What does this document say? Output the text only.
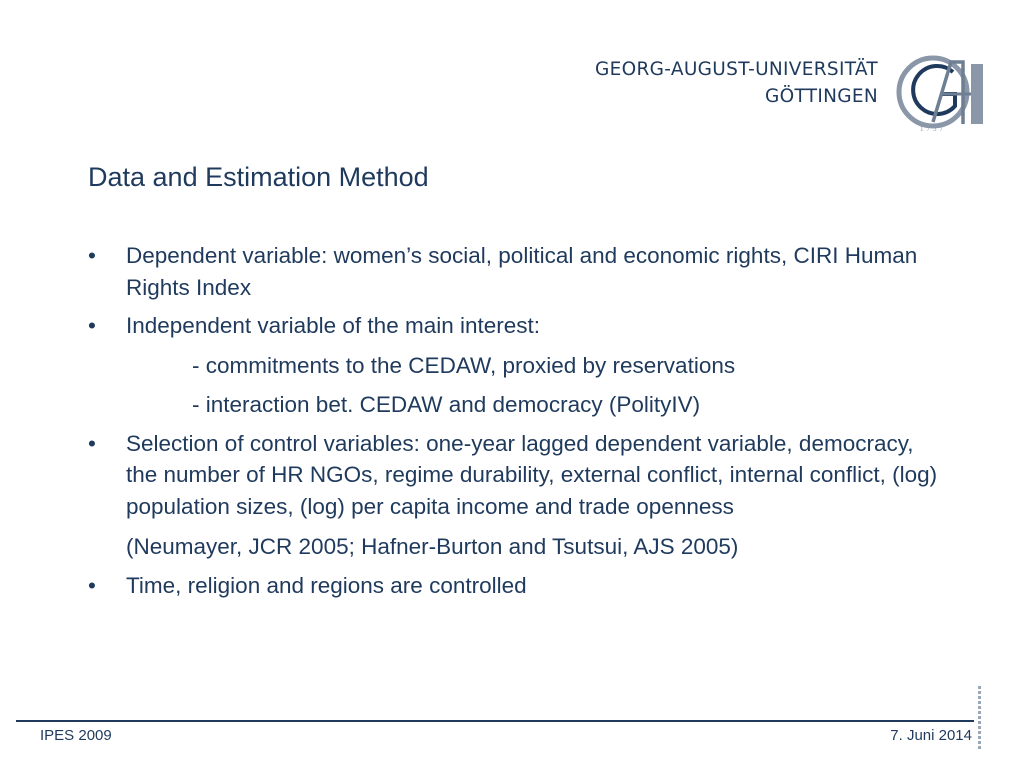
GEORG-AUGUST-UNIVERSITÄT
GÖTTINGEN
1737
Data and Estimation Method
• Dependent variable: women’s social, political and economic rights, CIRI Human Rights Index
• Independent variable of the main interest:
- commitments to the CEDAW, proxied by reservations
- interaction bet. CEDAW and democracy (PolityIV)
• Selection of control variables: one-year lagged dependent variable, democracy, the number of HR NGOs, regime durability, external conflict, internal conflict, (log) population sizes, (log) per capita income and trade openness
(Neumayer, JCR 2005; Hafner-Burton and Tsutsui, AJS 2005)
• Time, religion and regions are controlled
IPES 2009	7. Juni 2014
